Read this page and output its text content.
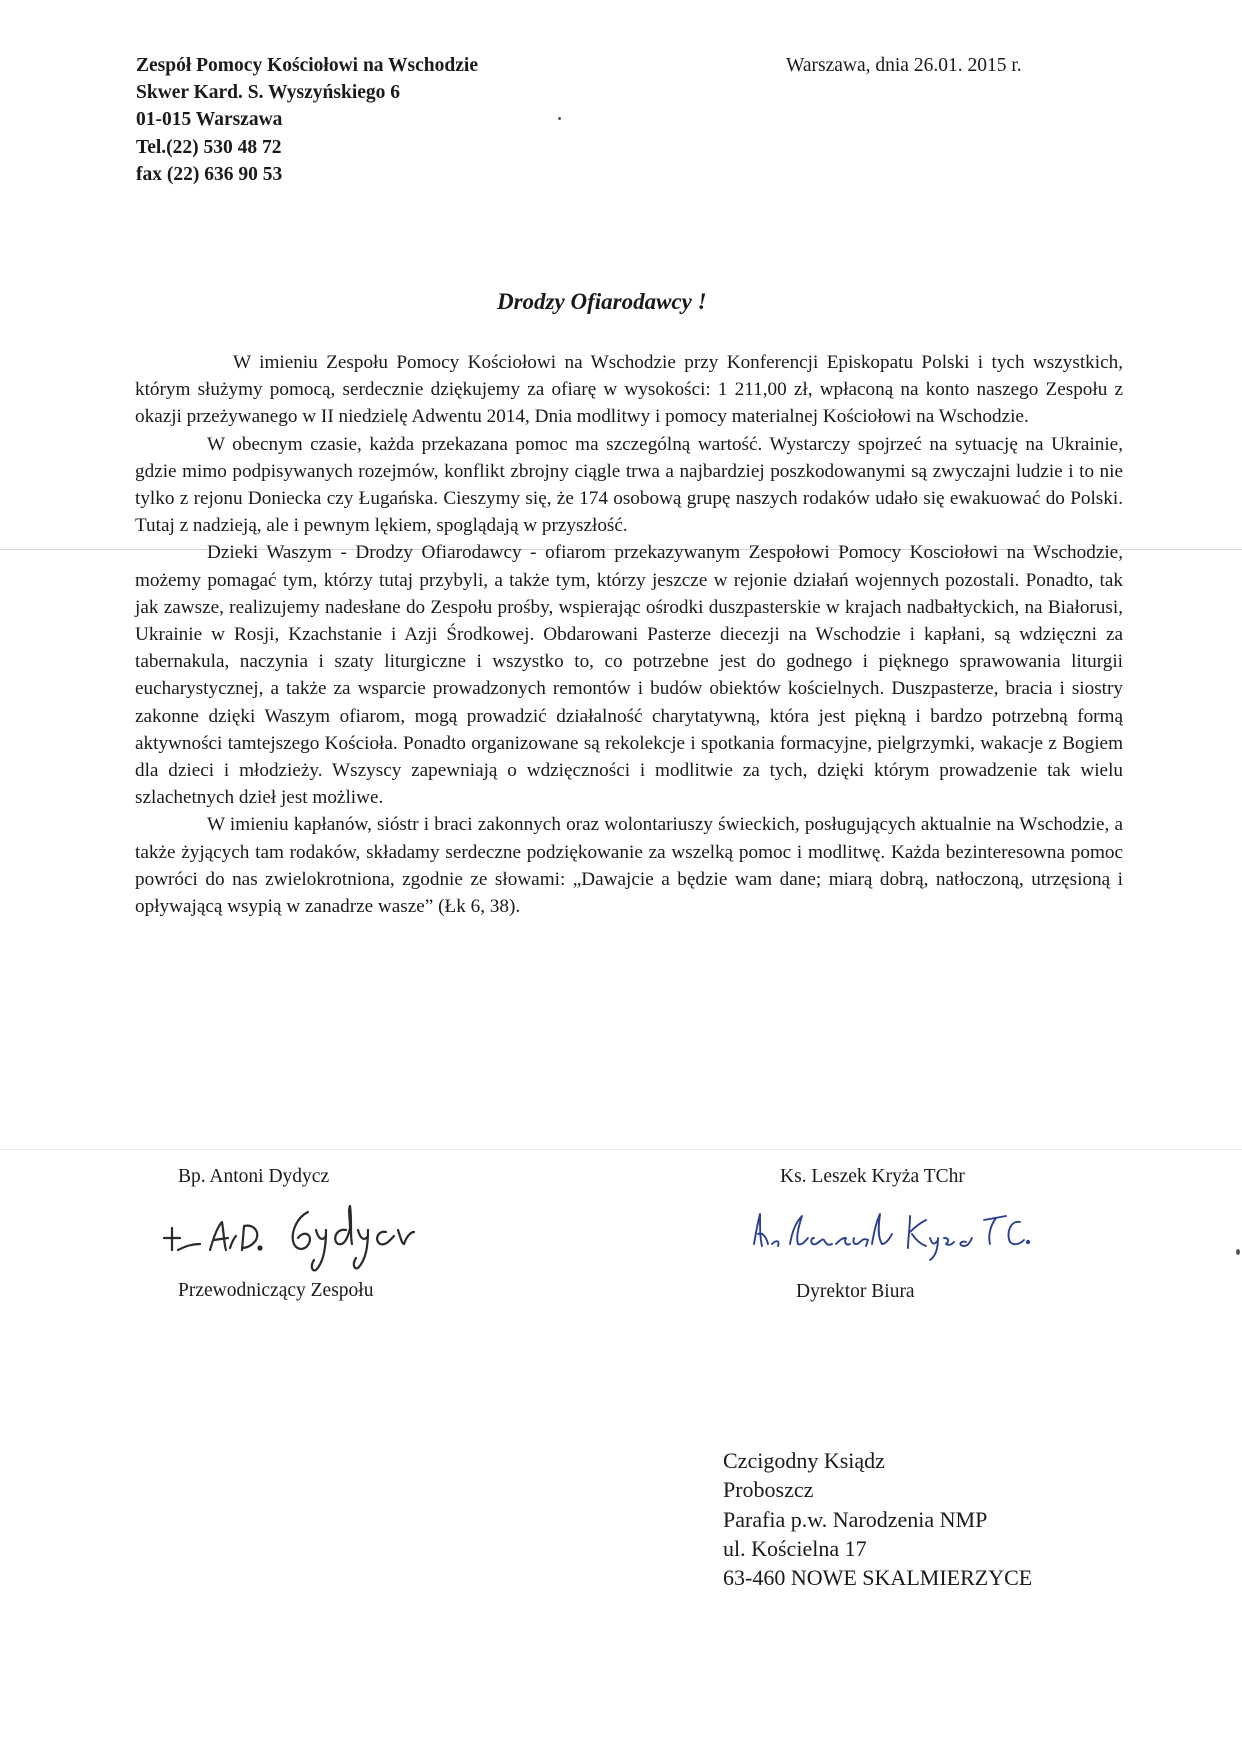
Zespół Pomocy Kościołowi na Wschodzie
Skwer Kard. S. Wyszyńskiego 6
01-015 Warszawa
Tel.(22) 530 48 72
fax (22) 636 90 53
Warszawa, dnia 26.01. 2015 r.
Drodzy Ofiarodawcy !

W imieniu Zespołu Pomocy Kościołowi na Wschodzie przy Konferencji Episkopatu Polski i tych wszystkich, którym służymy pomocą, serdecznie dziękujemy za ofiarę w wysokości: 1 211,00 zł, wpłaconą na konto naszego Zespołu z okazji przeżywanego w II niedzielę Adwentu 2014, Dnia modlitwy i pomocy materialnej Kościołowi na Wschodzie.

W obecnym czasie, każda przekazana pomoc ma szczególną wartość. Wystarczy spojrzeć na sytuację na Ukrainie, gdzie mimo podpisywanych rozejmów, konflikt zbrojny ciągle trwa a najbardziej poszkodowanymi są zwyczajni ludzie i to nie tylko z rejonu Doniecka czy Ługańska. Cieszymy się, że 174 osobową grupę naszych rodaków udało się ewakuować do Polski. Tutaj z nadzieją, ale i pewnym lękiem, spoglądają w przyszłość.

Dzieki Waszym - Drodzy Ofiarodawcy - ofiarom przekazywanym Zespołowi Pomocy Kosciołowi na Wschodzie, możemy pomagać tym, którzy tutaj przybyli, a także tym, którzy jeszcze w rejonie działań wojennych pozostali. Ponadto, tak jak zawsze, realizujemy nadesłane do Zespołu prośby, wspierając ośrodki duszpasterskie w krajach nadbałtyckich, na Białorusi, Ukrainie w Rosji, Kzachstanie i Azji Środkowej. Obdarowani Pasterze diecezji na Wschodzie i kapłani, są wdzięczni za tabernakula, naczynia i szaty liturgiczne i wszystko to, co potrzebne jest do godnego i pięknego sprawowania liturgii eucharystycznej, a także za wsparcie prowadzonych remontów i budów obiektów kościelnych. Duszpasterze, bracia i siostry zakonne dzięki Waszym ofiarom, mogą prowadzić działalność charytatywną, która jest piękną i bardzo potrzebną formą aktywności tamtejszego Kościoła. Ponadto organizowane są rekolekcje i spotkania formacyjne, pielgrzymki, wakacje z Bogiem dla dzieci i młodzieży. Wszyscy zapewniają o wdzięczności i modlitwie za tych, dzięki którym prowadzenie tak wielu szlachetnych dzieł jest możliwe.

W imieniu kapłanów, sióstr i braci zakonnych oraz wolontariuszy świeckich, posługujących aktualnie na Wschodzie, a także żyjących tam rodaków, składamy serdeczne podziękowanie za wszelką pomoc i modlitwę. Każda bezinteresowna pomoc powróci do nas zwielokrotniona, zgodnie ze słowami: „Dawajcie a będzie wam dane; miarą dobrą, natłoczoną, utrzęsioną i opływającą wsypią w zanadrze wasze” (Łk 6, 38).

Bp. Antoni Dydycz
Przewodniczący Zespołu
Ks. Leszek Kryża TChr
Dyrektor Biura
Czcigodny Ksiądz
Proboszcz
Parafia p.w. Narodzenia NMP
ul. Kościelna 17
63-460 NOWE SKALMIERZYCE
